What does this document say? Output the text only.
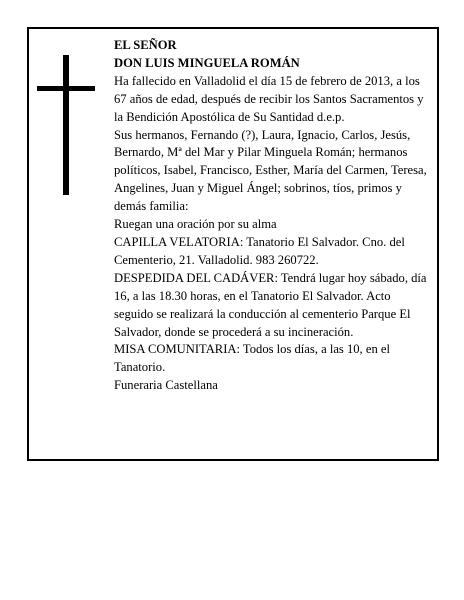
EL SEÑOR

DON LUIS MINGUELA ROMÁN

Ha fallecido en Valladolid el día 15 de febrero de 2013, a los 67 años de edad, después de recibir los Santos Sacramentos y la Bendición Apostólica de Su Santidad d.e.p.

Sus hermanos, Fernando (?), Laura, Ignacio, Carlos, Jesús, Bernardo, Mª del Mar y Pilar Minguela Román; hermanos políticos, Isabel, Francisco, Esther, María del Carmen, Teresa, Angelines, Juan y Miguel Ángel; sobrinos, tíos, primos y demás familia:

Ruegan una oración por su alma

CAPILLA VELATORIA: Tanatorio El Salvador. Cno. del Cementerio, 21. Valladolid. 983 260722.

DESPEDIDA DEL CADÁVER: Tendrá lugar hoy sábado, día 16, a las 18.30 horas, en el Tanatorio El Salvador. Acto seguido se realizará la conducción al cementerio Parque El Salvador, donde se procederá a su incineración.

MISA COMUNITARIA: Todos los días, a las 10, en el Tanatorio.

Funeraria Castellana
